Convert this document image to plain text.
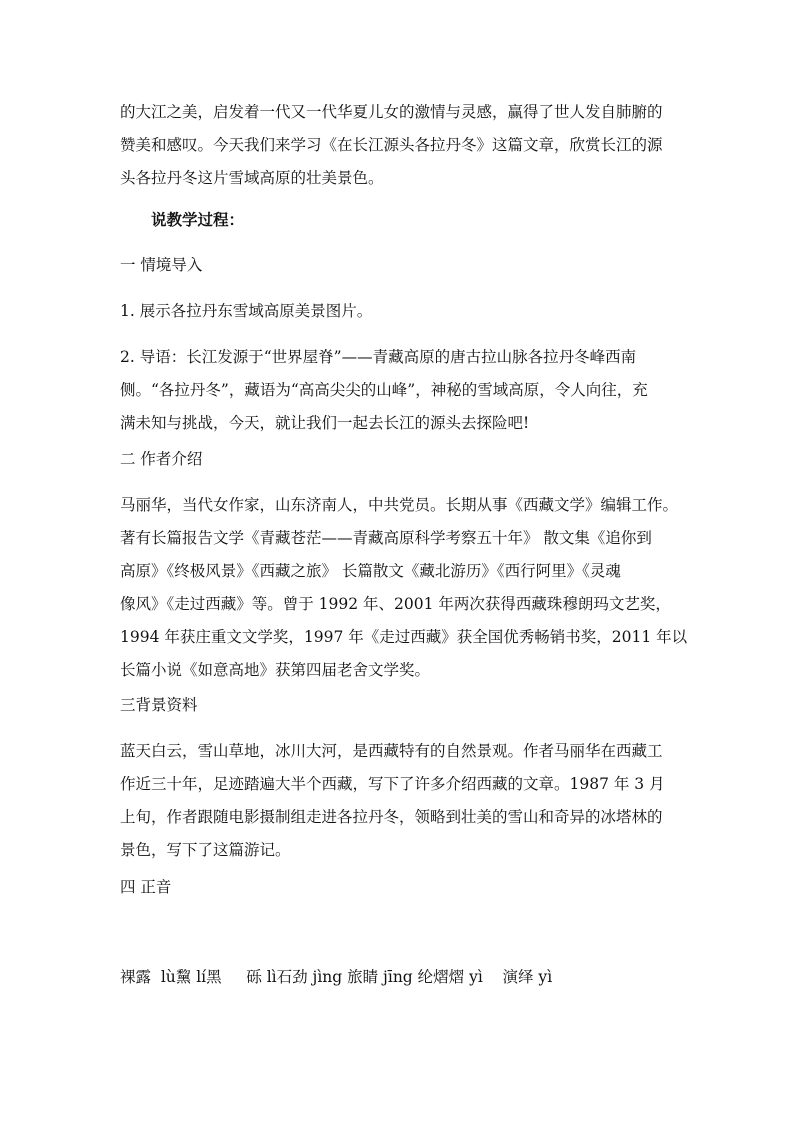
的大江之美，启发着一代又一代华夏儿女的激情与灵感，赢得了世人发自肺腑的
赞美和感叹。今天我们来学习《在长江源头各拉丹冬》这篇文章，欣赏长江的源
头各拉丹冬这片雪域高原的壮美景色。
说教学过程：
一 情境导入
1. 展示各拉丹东雪域高原美景图片。
2. 导语：长江发源于“世界屋脊”——青藏高原的唐古拉山脉各拉丹冬峰西南
侧。“各拉丹冬”，藏语为“高高尖尖的山峰”，神秘的雪域高原，令人向往，充
满未知与挑战，今天，就让我们一起去长江的源头去探险吧!
二 作者介绍
马丽华，当代女作家，山东济南人，中共党员。长期从事《西藏文学》编辑工作。
著有长篇报告文学《青藏苍茫——青藏高原科学考察五十年》 散文集《追你到
高原》《终极风景》《西藏之旅》 长篇散文《藏北游历》《西行阿里》《灵魂
像风》《走过西藏》等。曾于 1992 年、2001 年两次获得西藏珠穆朗玛文艺奖，
1994 年获庄重文文学奖，1997 年《走过西藏》获全国优秀畅销书奖，2011 年以
长篇小说《如意高地》获第四届老舍文学奖。
三背景资料
蓝天白云，雪山草地，冰川大河，是西藏特有的自然景观。作者马丽华在西藏工
作近三十年，足迹踏遍大半个西藏，写下了许多介绍西藏的文章。1987 年 3 月
上旬，作者跟随电影摄制组走进各拉丹冬，领略到壮美的雪山和奇异的冰塔林的
景色，写下了这篇游记。
四 正音
裸露  lù黧 lí黑     砾 lì石劲 jìng 旅睛 jīng 纶熠熠 yì    演绎 yì
